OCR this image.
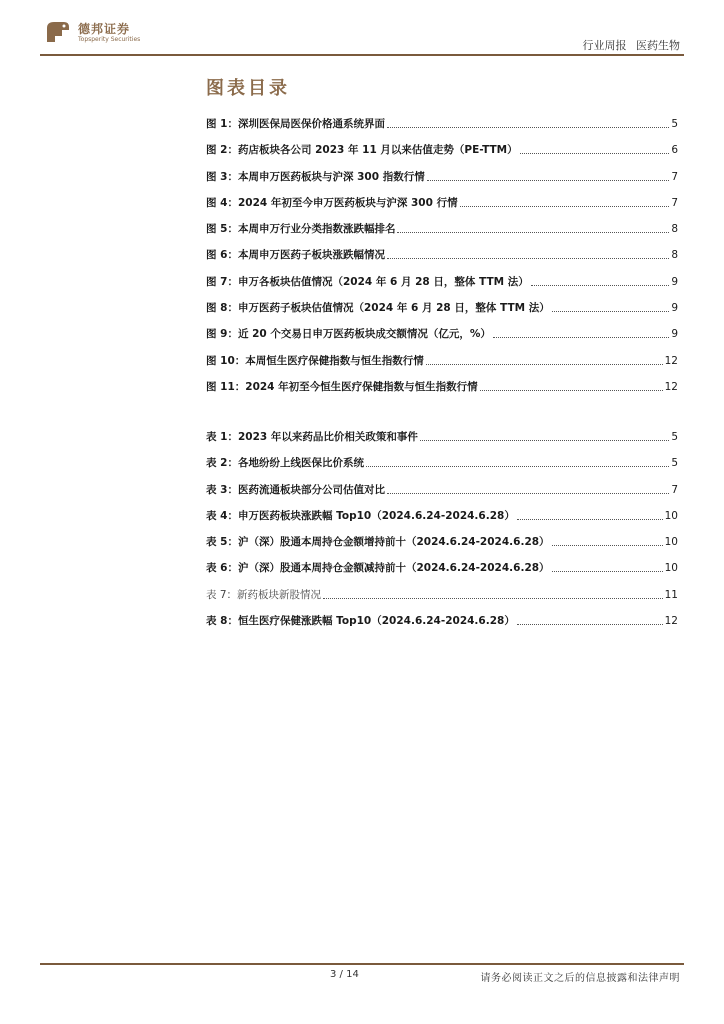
德邦证券
Topsperity Securities	行业周报 医药生物
图表目录
图 1：深圳医保局医保价格通系统界面	5
图 2：药店板块各公司 2023 年 11 月以来估值走势（PE-TTM）	6
图 3：本周申万医药板块与沪深 300 指数行情	7
图 4：2024 年初至今申万医药板块与沪深 300 行情	7
图 5：本周申万行业分类指数涨跌幅排名	8
图 6：本周申万医药子板块涨跌幅情况	8
图 7：申万各板块估值情况（2024 年 6 月 28 日，整体 TTM 法）	9
图 8：申万医药子板块估值情况（2024 年 6 月 28 日，整体 TTM 法）	9
图 9：近 20 个交易日申万医药板块成交额情况（亿元，%）	9
图 10：本周恒生医疗保健指数与恒生指数行情	12
图 11：2024 年初至今恒生医疗保健指数与恒生指数行情	12
表 1：2023 年以来药品比价相关政策和事件	5
表 2：各地纷纷上线医保比价系统	5
表 3：医药流通板块部分公司估值对比	7
表 4：申万医药板块涨跌幅 Top10（2024.6.24-2024.6.28）	10
表 5：沪（深）股通本周持仓金额增持前十（2024.6.24-2024.6.28）	10
表 6：沪（深）股通本周持仓金额减持前十（2024.6.24-2024.6.28）	10
表 7：新药板块新股情况	11
表 8：恒生医疗保健涨跌幅 Top10（2024.6.24-2024.6.28）	12
3 / 14	请务必阅读正文之后的信息披露和法律声明
